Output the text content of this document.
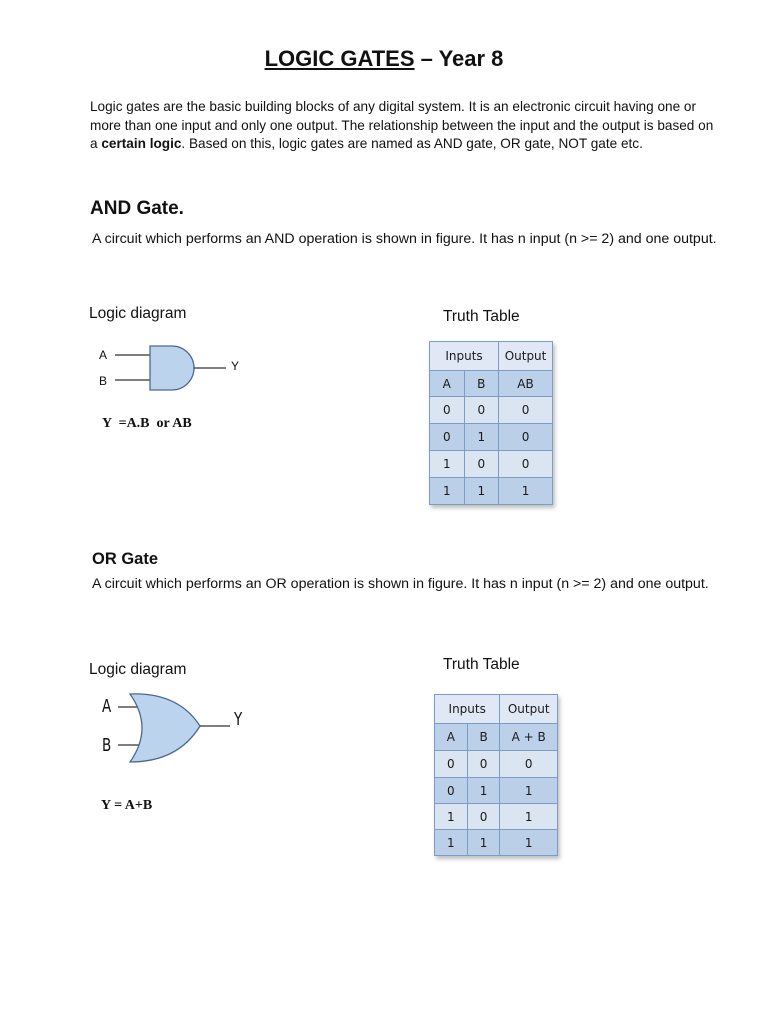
LOGIC GATES – Year 8
Logic gates are the basic building blocks of any digital system. It is an electronic circuit having one or more than one input and only one output. The relationship between the input and the output is based on a certain logic. Based on this, logic gates are named as AND gate, OR gate, NOT gate etc.
AND Gate.
A circuit which performs an AND operation is shown in figure. It has n input (n >= 2) and one output.
Logic diagram	Truth Table
A
B
Y
Y  =A.B  or AB
Inputs		Output
A	B	AB
0	0	0
0	1	0
1	0	0
1	1	1
OR Gate
A circuit which performs an OR operation is shown in figure. It has n input (n >= 2) and one output.
Logic diagram	Truth Table
A
B
Y
Y = A+B
Inputs		Output
A	B	A + B
0	0	0
0	1	1
1	0	1
1	1	1
